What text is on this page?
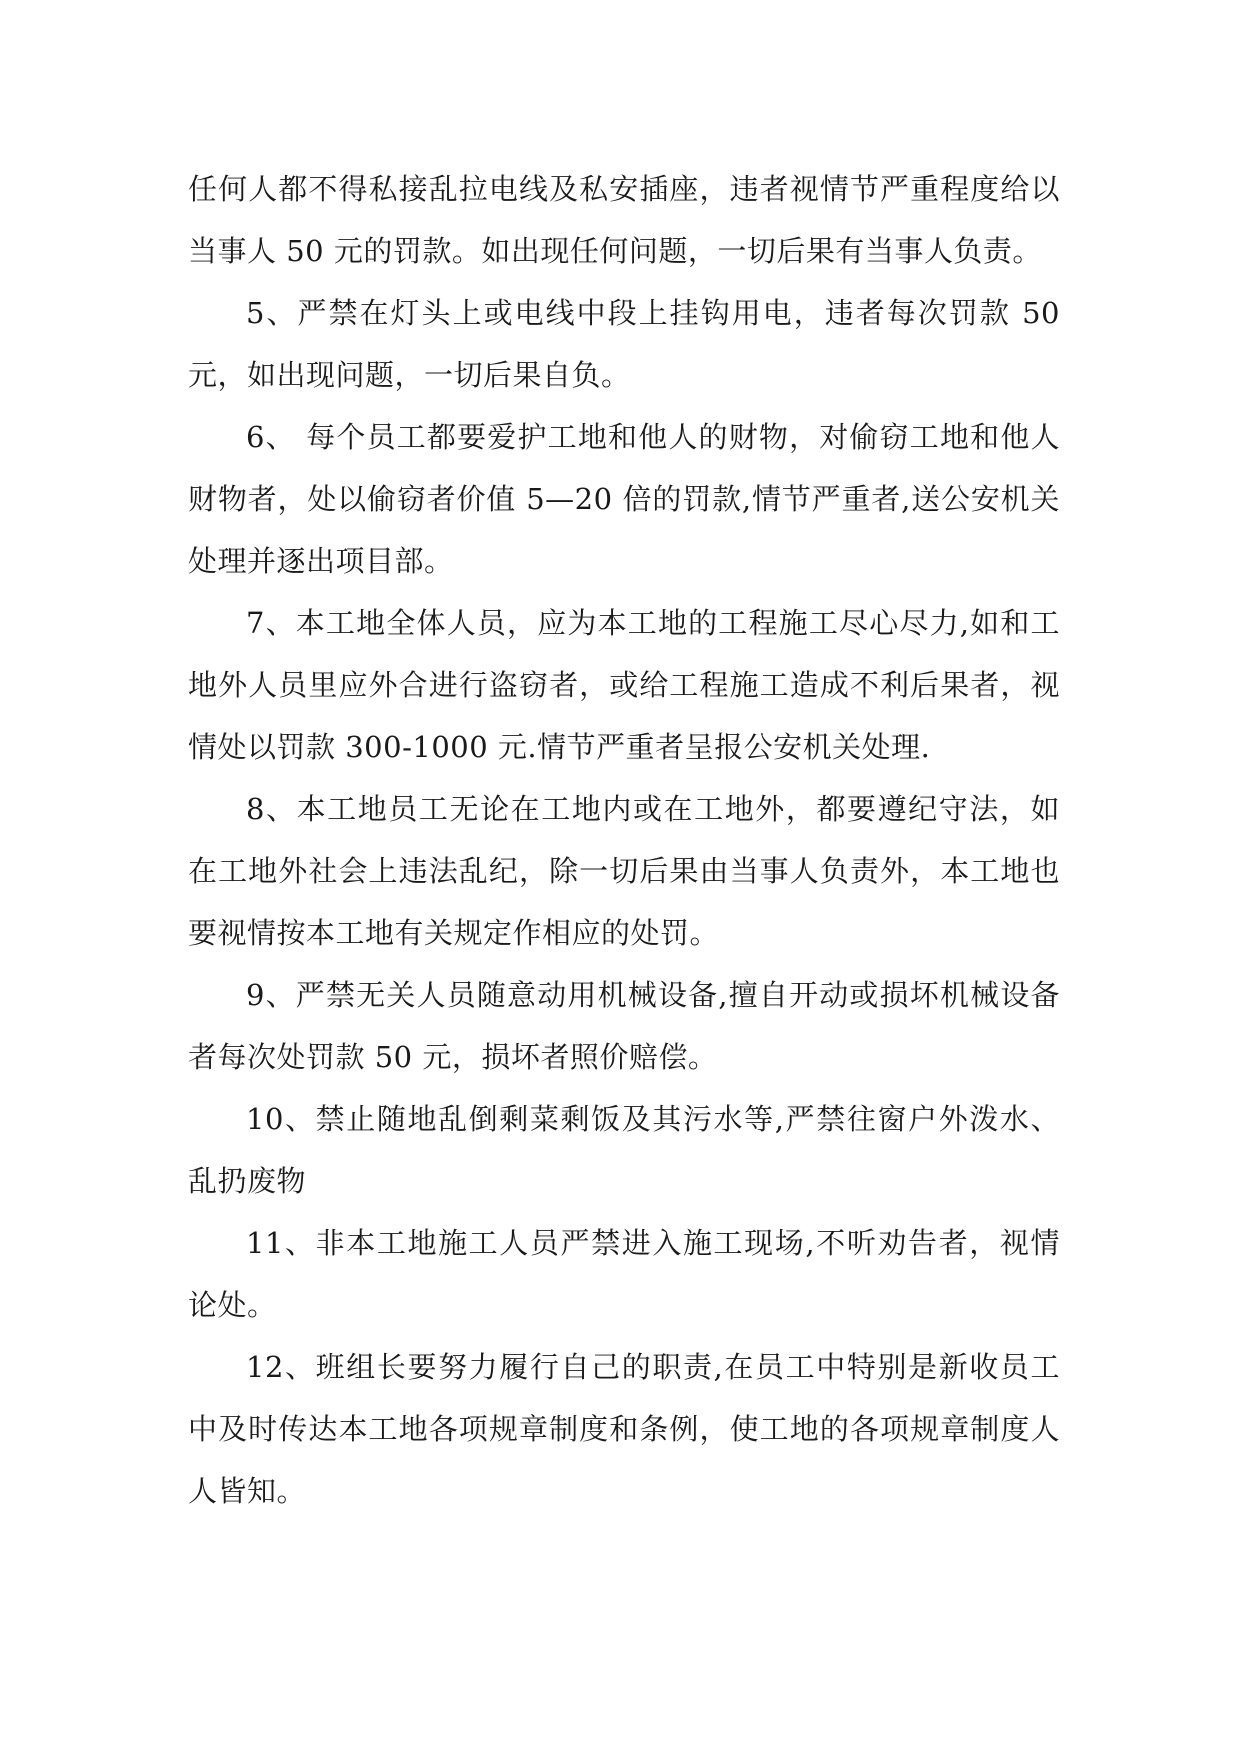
任何人都不得私接乱拉电线及私安插座，违者视情节严重程度给以当事人 50 元的罚款。如出现任何问题，一切后果有当事人负责。

5、严禁在灯头上或电线中段上挂钩用电，违者每次罚款 50 元，如出现问题，一切后果自负。

6、 每个员工都要爱护工地和他人的财物，对偷窃工地和他人财物者，处以偷窃者价值 5—20 倍的罚款,情节严重者,送公安机关处理并逐出项目部。

7、本工地全体人员，应为本工地的工程施工尽心尽力,如和工地外人员里应外合进行盗窃者，或给工程施工造成不利后果者，视情处以罚款 300-1000 元.情节严重者呈报公安机关处理.

8、本工地员工无论在工地内或在工地外，都要遵纪守法，如在工地外社会上违法乱纪，除一切后果由当事人负责外，本工地也要视情按本工地有关规定作相应的处罚。

9、严禁无关人员随意动用机械设备,擅自开动或损坏机械设备者每次处罚款 50 元，损坏者照价赔偿。

10、禁止随地乱倒剩菜剩饭及其污水等,严禁往窗户外泼水、乱扔废物

11、非本工地施工人员严禁进入施工现场,不听劝告者，视情论处。

12、班组长要努力履行自己的职责,在员工中特别是新收员工中及时传达本工地各项规章制度和条例，使工地的各项规章制度人人皆知。
